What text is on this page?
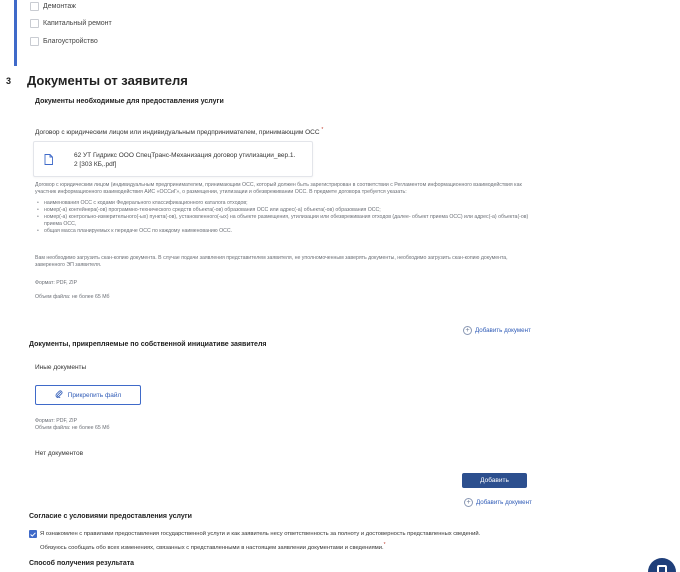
Демонтаж
Капитальный ремонт
Благоустройство
3 Документы от заявителя
Документы необходимые для предоставления услуги
Договор с юридическим лицом или индивидуальным предпринимателем, принимающим ОСС *
62 УТ Гидрикс ООО СпецТранс-Механизация договор утилизации_вер.1.
2 [303 КБ,.pdf]

Договор с юридическим лицом (индивидуальным предпринимателем, принимающим ОСС, который должен быть зарегистрирован в соответствии с Регламентом информационного взаимодействия как участник информационного взаимодействия АИС «ОССиГ», о размещении, утилизации и обезвреживании ОСС. В предмете договора требуется указать:

• наименования ОСС с кодами Федерального классификационного каталога отходов;
• номер(-а) контейнера(-ов) программно-технического средств объекта(-ов) образования ОСС или адрес(-а) объекта(-ов) образования ОСС;
• номер(-а) контрольно-измерительного(-ых) пункта(-ов), установленного(-ых) на объекте размещения, утилизации или обезвреживания отходов (далее- объект приема ОСС) или адрес(-а) объекта(-ов) приема ОСС,
• общая масса планируемых к передаче ОСС по каждому наименованию ОСС.
Вам необходимо загрузить скан-копию документа. В случае подачи заявления представителем заявителя, не уполномоченным заверять документы, необходимо загрузить скан-копию документа, заверенного ЭП заявителя.
Формат: PDF, ZIP
Объем файла: не более 65 Мб
+ Добавить документ
Документы, прикрепляемые по собственной инициативе заявителя
Иные документы
Прикрепить файл
Формат: PDF, ZIP
Объем файла: не более 65 Мб
Нет документов
Добавить
+ Добавить документ
Согласие с условиями предоставления услуги
Я ознакомлен с правилами предоставления государственной услуги и как заявитель несу ответственность за полноту и достоверность представленных сведений.
Обязуюсь сообщать обо всех изменениях, связанных с представленными в настоящем заявлении документами и сведениями.*
Способ получения результата
